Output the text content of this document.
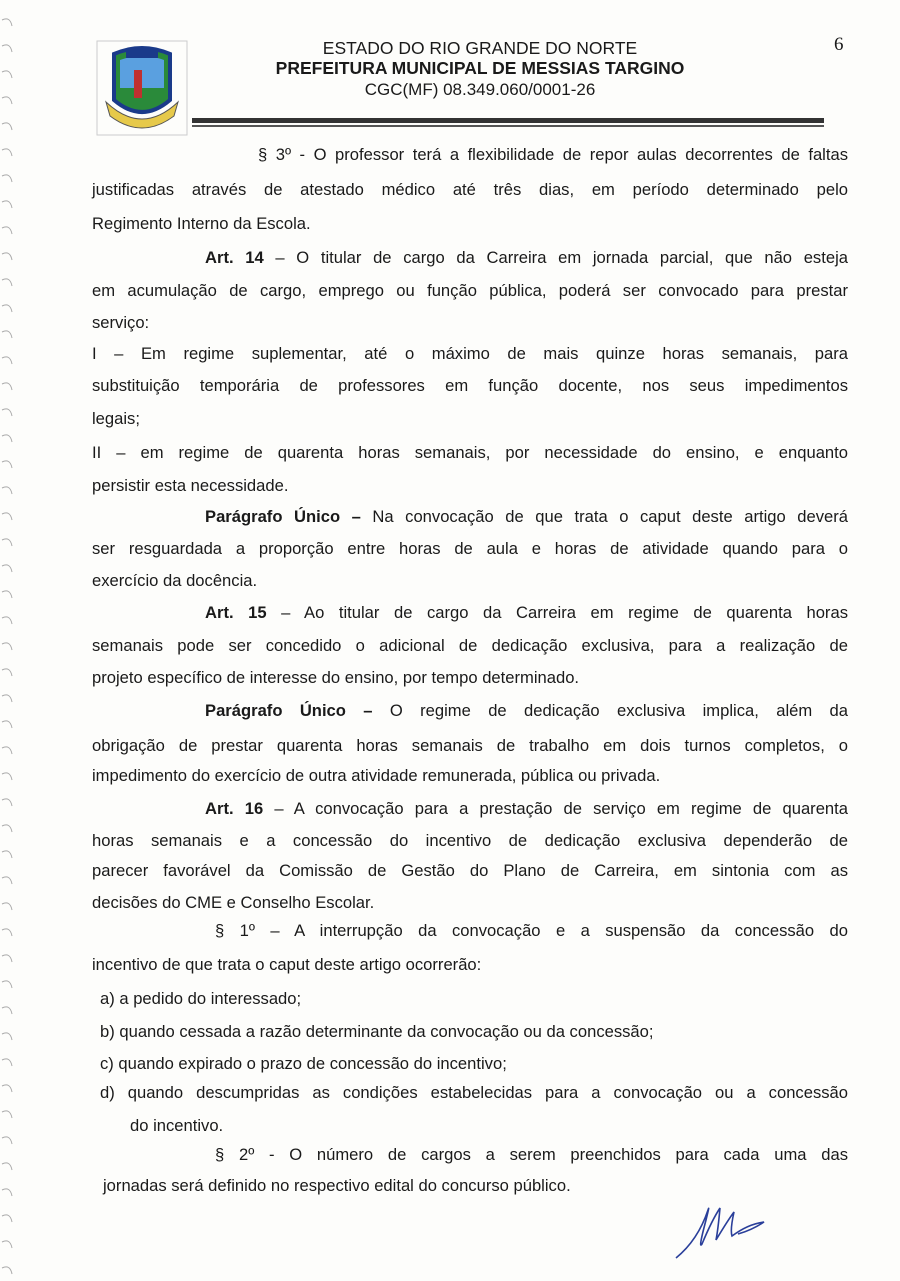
ESTADO DO RIO GRANDE DO NORTE
PREFEITURA MUNICIPAL DE MESSIAS TARGINO
CGC(MF) 08.349.060/0001-26
6
§ 3º - O professor terá a flexibilidade de repor aulas decorrentes de faltas
justificadas através de atestado médico até três dias, em período determinado pelo
Regimento Interno da Escola.
Art. 14 – O titular de cargo da Carreira em jornada parcial, que não esteja
em acumulação de cargo, emprego ou função pública, poderá ser convocado para prestar
serviço:
I – Em regime suplementar, até o máximo de mais quinze horas semanais, para
substituição temporária de professores em função docente, nos seus impedimentos
legais;
II – em regime de quarenta horas semanais, por necessidade do ensino, e enquanto
persistir esta necessidade.
Parágrafo Único – Na convocação de que trata o caput deste artigo deverá
ser resguardada a proporção entre horas de aula e horas de atividade quando para o
exercício da docência.
Art. 15 – Ao titular de cargo da Carreira em regime de quarenta horas
semanais pode ser concedido o adicional de dedicação exclusiva, para a realização de
projeto específico de interesse do ensino, por tempo determinado.
Parágrafo Único – O regime de dedicação exclusiva implica, além da
obrigação de prestar quarenta horas semanais de trabalho em dois turnos completos, o
impedimento do exercício de outra atividade remunerada, pública ou privada.
Art. 16 – A convocação para a prestação de serviço em regime de quarenta
horas semanais e a concessão do incentivo de dedicação exclusiva dependerão de
parecer favorável da Comissão de Gestão do Plano de Carreira, em sintonia com as
decisões do CME e Conselho Escolar.
§ 1º – A interrupção da convocação e a suspensão da concessão do
incentivo de que trata o caput deste artigo ocorrerão:
a) a pedido do interessado;
b) quando cessada a razão determinante da convocação ou da concessão;
c) quando expirado o prazo de concessão do incentivo;
d) quando descumpridas as condições estabelecidas para a convocação ou a concessão
do incentivo.
§ 2º - O número de cargos a serem preenchidos para cada uma das
jornadas será definido no respectivo edital do concurso público.
